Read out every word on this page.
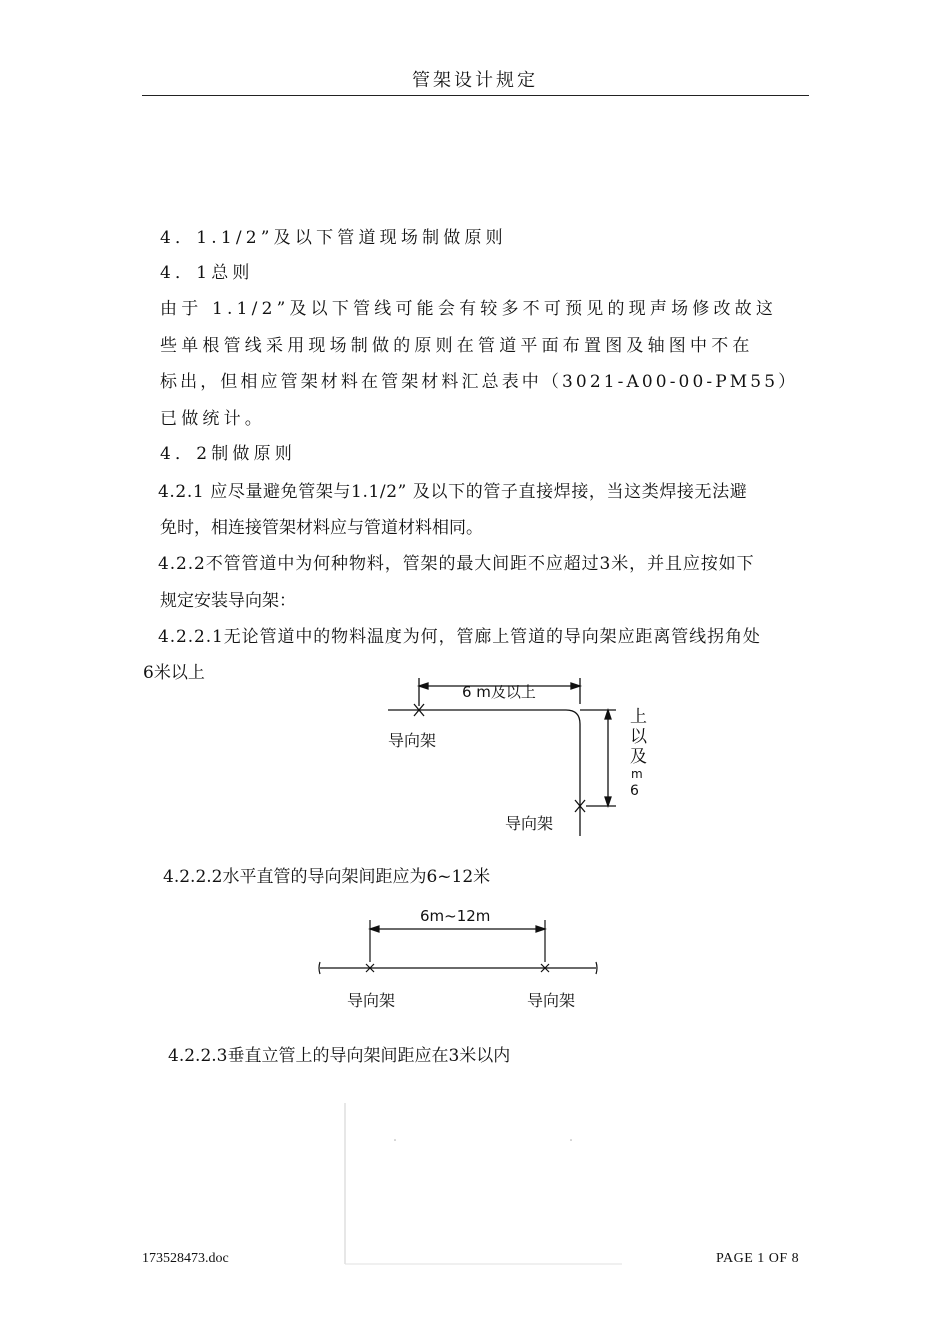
管架设计规定
4．1.1/2”及以下管道现场制做原则
4．1总则
由于 1.1/2”及以下管线可能会有较多不可预见的现声场修改故这
些单根管线采用现场制做的原则在管道平面布置图及轴图中不在
标出，但相应管架材料在管架材料汇总表中（3021-A00-00-PM55）
已做统计。
4．2制做原则
4.2.1 应尽量避免管架与1.1/2” 及以下的管子直接焊接，当这类焊接无法避
免时，相连接管架材料应与管道材料相同。
4.2.2不管管道中为何种物料，管架的最大间距不应超过3米，并且应按如下
规定安装导向架：
4.2.2.1无论管道中的物料温度为何，管廊上管道的导向架应距离管线拐角处
6米以上
6 m及以上
导向架
导向架
上
以
及
m
6
4.2.2.2水平直管的导向架间距应为6~12米
6m~12m
导向架	导向架
4.2.2.3垂直立管上的导向架间距应在3米以内
173528473.doc	PAGE 1 OF 8
